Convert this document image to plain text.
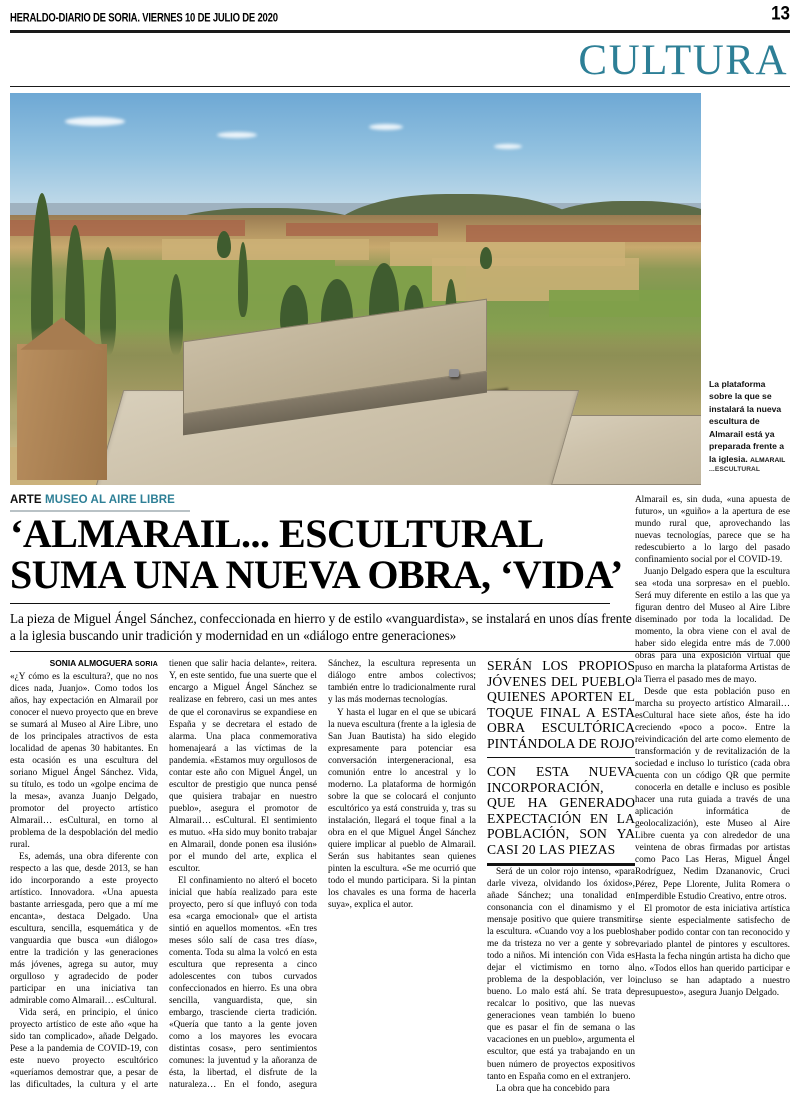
HERALDO-DIARIO DE SORIA. VIERNES 10 DE JULIO DE 2020	13
CULTURA
La plataforma sobre la que se instalará la nueva escultura de Almarail está ya preparada frente a la iglesia. ALMARAIL
...ESCULTURAL
ARTE MUSEO AL AIRE LIBRE
‘ALMARAIL... ESCULTURAL SUMA UNA NUEVA OBRA, ‘VIDA’
La pieza de Miguel Ángel Sánchez, confeccionada en hierro y de estilo «vanguardista», se instalará en unos días frente a la iglesia buscando unir tradición y modernidad en un «diálogo entre generaciones»

SONIA ALMOGUERA SORIA

«¿Y cómo es la escultura?, que no nos dices nada, Juanjo». Como todos los años, hay expectación en Almarail por conocer el nuevo proyecto que en breve se sumará al Museo al Aire Libre, uno de los principales atractivos de esta localidad de apenas 30 habitantes. En esta ocasión es una escultura del soriano Miguel Ángel Sánchez. Vida, su título, es todo un «golpe encima de la mesa», avanza Juanjo Delgado, promotor del proyecto artístico Almarail… esCultural, en torno al problema de la despoblación del medio rural.

Es, además, una obra diferente con respecto a las que, desde 2013, se han ido incorporando a este proyecto artístico. Innovadora. «Una apuesta bastante arriesgada, pero que a mí me encanta», destaca Delgado. Una escultura, sencilla, esquemática y de vanguardia que busca «un diálogo» entre la tradición y las generaciones más jóvenes, agrega su autor, muy orgulloso y agradecido de poder participar en una iniciativa tan admirable como Almarail… esCultural.

Vida será, en principio, el único proyecto artístico de este año «que ha sido tan complicado», añade Delgado. Pese a la pandemia de COVID-19, con este nuevo proyecto escultórico «queríamos demostrar que, a pesar de las dificultades, la cultura y el arte tienen que salir hacia delante», reitera. Y, en este sentido, fue una suerte que el encargo a Miguel Ángel Sánchez se realizase en febrero, casi un mes antes de que el coronavirus se expandiese en España y se decretara el estado de alarma. Una placa conmemorativa homenajeará a las víctimas de la pandemia. «Estamos muy orgullosos de contar este año con Miguel Ángel, un escultor de prestigio que nunca pensé que quisiera trabajar en nuestro pueblo», asegura el promotor de Almarail… esCultural. El sentimiento es mutuo. «Ha sido muy bonito trabajar en Almarail, donde ponen esa ilusión» por el mundo del arte, explica el escultor.

El confinamiento no alteró el boceto inicial que había realizado para este proyecto, pero sí que influyó con toda esa «carga emocional» que el artista sintió en aquellos momentos. «En tres meses sólo salí de casa tres días», comenta. Toda su alma la volcó en esta escultura que representa a cinco adolescentes con tubos curvados confeccionados en hierro. Es una obra sencilla, vanguardista, que, sin embargo, trasciende cierta tradición. «Quería que tanto a la gente joven como a los mayores les evocara distintas cosas», pero sentimientos comunes: la juventud y la añoranza de ésta, la libertad, el disfrute de la naturaleza… En el fondo, asegura Sánchez, la escultura representa un diálogo entre ambos colectivos; también entre lo tradicionalmente rural y las más modernas tecnologías.

Y hasta el lugar en el que se ubicará la nueva escultura (frente a la iglesia de San Juan Bautista) ha sido elegido expresamente para potenciar esa conversación intergeneracional, esa comunión entre lo ancestral y lo moderno. La plataforma de hormigón sobre la que se colocará el conjunto escultórico ya está construida y, tras su instalación, llegará el toque final a la obra en el que Miguel Ángel Sánchez quiere implicar al pueblo de Almarail. Serán sus habitantes sean quienes pinten la escultura. «Se me ocurrió que todo el mundo participara. Si la pintan los chavales es una forma de hacerla suya», explica el autor.

SERÁN LOS PROPIOS JÓVENES DEL PUEBLO QUIENES APORTEN EL TOQUE FINAL A ESTA OBRA ESCULTÓRICA PINTÁNDOLA DE ROJO
CON ESTA NUEVA INCORPORACIÓN, QUE HA GENERADO EXPECTACIÓN EN LA POBLACIÓN, SON YA CASI 20 LAS PIEZAS

Será de un color rojo intenso, «para darle viveza, olvidando los óxidos», añade Sánchez; una tonalidad en consonancia con el dinamismo y el mensaje positivo que quiere transmitir la escultura. «Cuando voy a los pueblos me da tristeza no ver a gente y sobre todo a niños. Mi intención con Vida es dejar el victimismo en torno al problema de la despoblación, ver lo bueno. Lo malo está ahí. Se trata de recalcar lo positivo, que las nuevas generaciones vean también lo bueno que es pasar el fin de semana o las vacaciones en un pueblo», argumenta el escultor, que está ya trabajando en un buen número de proyectos expositivos tanto en España como en el extranjero.

La obra que ha concebido para

Almarail es, sin duda, «una apuesta de futuro», un «guiño» a la apertura de ese mundo rural que, aprovechando las nuevas tecnologías, parece que se ha redescubierto a lo largo del pasado confinamiento social por el COVID-19.

Juanjo Delgado espera que la escultura sea «toda una sorpresa» en el pueblo. Será muy diferente en estilo a las que ya figuran dentro del Museo al Aire Libre diseminado por toda la localidad. De momento, la obra viene con el aval de haber sido elegida entre más de 7.000 obras para una exposición virtual que puso en marcha la plataforma Artistas de la Tierra el pasado mes de mayo.

Desde que esta población puso en marcha su proyecto artístico Almarail… esCultural hace siete años, éste ha ido creciendo «poco a poco». Entre la reivindicación del arte como elemento de transformación y de revitalización de la sociedad e incluso lo turístico (cada obra cuenta con un código QR que permite conocerla en detalle e incluso es posible hacer una ruta guiada a través de una aplicación informática de geolocalización), este Museo al Aire Libre cuenta ya con alrededor de una veintena de obras firmadas por artistas como Paco Las Heras, Miguel Ángel Rodríguez, Nedim Dzananovic, Cruci Pérez, Pepe Llorente, Julita Romera o Imperdible Estudio Creativo, entre otros.

El promotor de esta iniciativa artística se siente especialmente satisfecho de haber podido contar con tan reconocido y variado plantel de pintores y escultores. Hasta la fecha ningún artista ha dicho que no. «Todos ellos han querido participar e incluso se han adaptado a nuestro presupuesto», asegura Juanjo Delgado.
